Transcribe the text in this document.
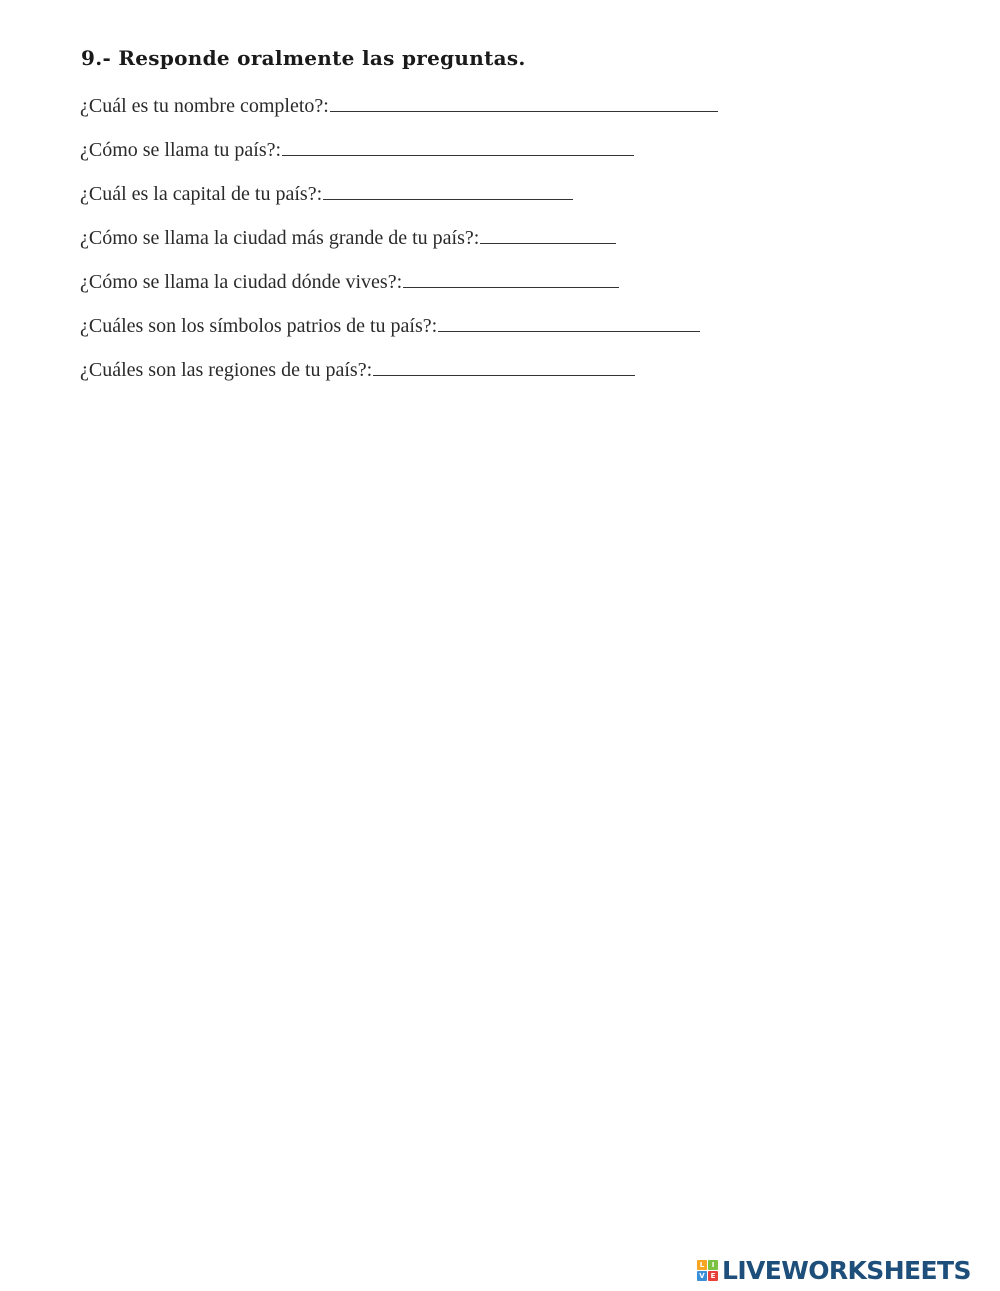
9.- Responde oralmente las preguntas.
¿Cuál es tu nombre completo?:
¿Cómo se llama tu país?:
¿Cuál es la capital de tu país?:
¿Cómo se llama la ciudad más grande de tu país?:
¿Cómo se llama la ciudad dónde vives?:
¿Cuáles son los símbolos patrios de tu país?:
¿Cuáles son las regiones de tu país?:
L	I
V E LIVEWORKSHEETS
